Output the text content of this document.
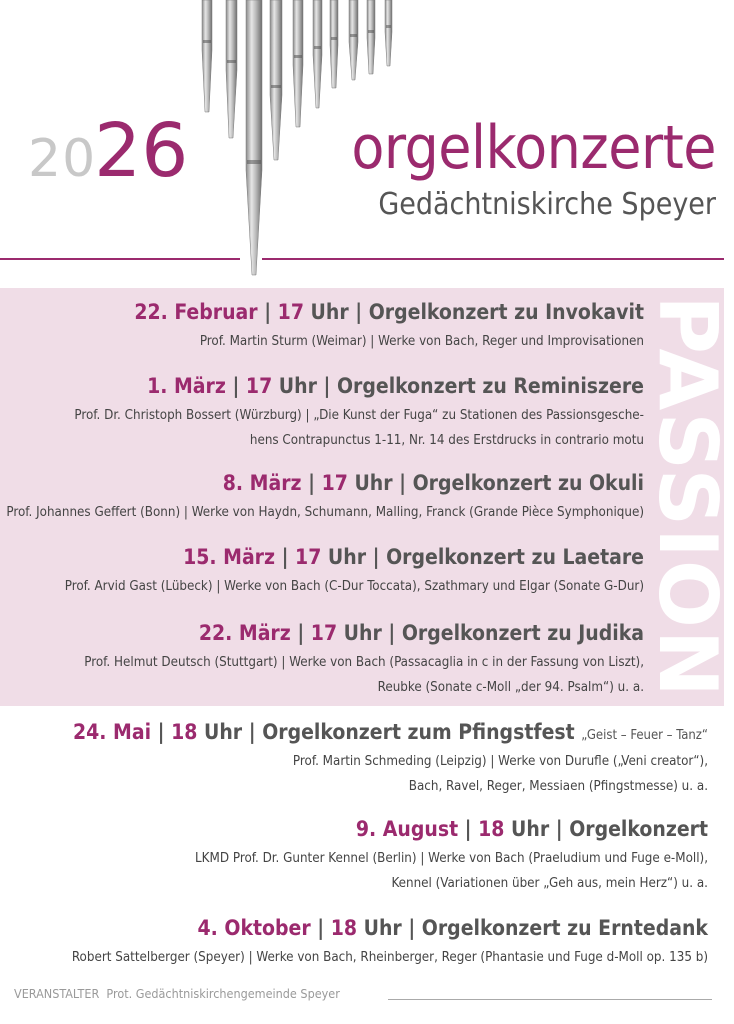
2026	orgelkonzerte
Gedächtniskirche Speyer
PASSION
22. Februar | 17 Uhr | Orgelkonzert zu Invokavit

Prof. Martin Sturm (Weimar) | Werke von Bach, Reger und Improvisationen

1. März | 17 Uhr | Orgelkonzert zu Reminiszere

Prof. Dr. Christoph Bossert (Würzburg) | „Die Kunst der Fuga“ zu Stationen des Passionsgesche-
hens Contrapunctus 1-11, Nr. 14 des Erstdrucks in contrario motu

8. März | 17 Uhr | Orgelkonzert zu Okuli

Prof. Johannes Geffert (Bonn) | Werke von Haydn, Schumann, Malling, Franck (Grande Pièce Symphonique)

15. März | 17 Uhr | Orgelkonzert zu Laetare

Prof. Arvid Gast (Lübeck) | Werke von Bach (C-Dur Toccata), Szathmary und Elgar (Sonate G-Dur)

22. März | 17 Uhr | Orgelkonzert zu Judika

Prof. Helmut Deutsch (Stuttgart) | Werke von Bach (Passacaglia in c in der Fassung von Liszt),
Reubke (Sonate c-Moll „der 94. Psalm“) u. a.

24. Mai | 18 Uhr | Orgelkonzert zum Pfingstfest „Geist – Feuer – Tanz“

Prof. Martin Schmeding (Leipzig) | Werke von Durufle („Veni creator“),
Bach, Ravel, Reger, Messiaen (Pfingstmesse) u. a.

9. August | 18 Uhr | Orgelkonzert

LKMD Prof. Dr. Gunter Kennel (Berlin) | Werke von Bach (Praeludium und Fuge e-Moll),
Kennel (Variationen über „Geh aus, mein Herz“) u. a.

4. Oktober | 18 Uhr | Orgelkonzert zu Erntedank

Robert Sattelberger (Speyer) | Werke von Bach, Rheinberger, Reger (Phantasie und Fuge d-Moll op. 135 b)

VERANSTALTER Prot. Gedächtniskirchengemeinde Speyer
